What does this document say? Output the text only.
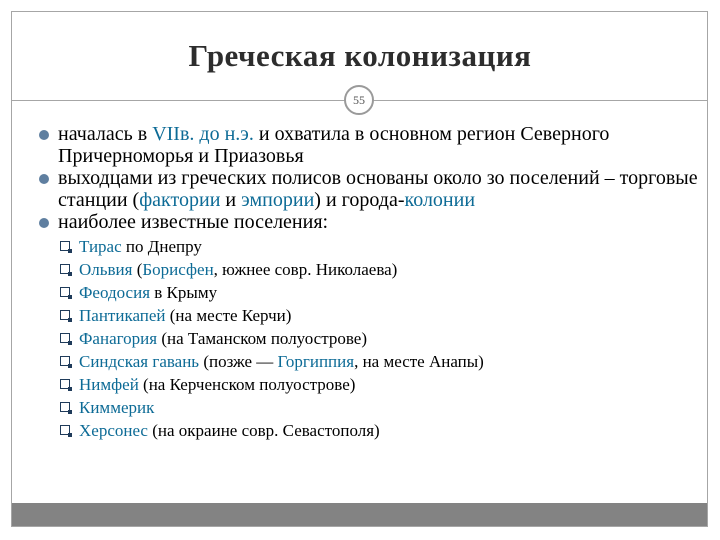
Греческая колонизация
55
началась в VIIв. до н.э. и охватила в основном регион Северного Причерноморья и Приазовья
выходцами из греческих полисов основаны около зо поселений – торговые станции (фактории и эмпории) и города-колонии
наиболее известные поселения:
Тирас по Днепру
Ольвия (Борисфен, южнее совр. Николаева)
Феодосия в Крыму
Пантикапей (на месте Керчи)
Фанагория (на Таманском полуострове)
Синдская гавань (позже — Горгиппия, на месте Анапы)
Нимфей (на Керченском полуострове)
Киммерик
Херсонес (на окраине совр. Севастополя)
